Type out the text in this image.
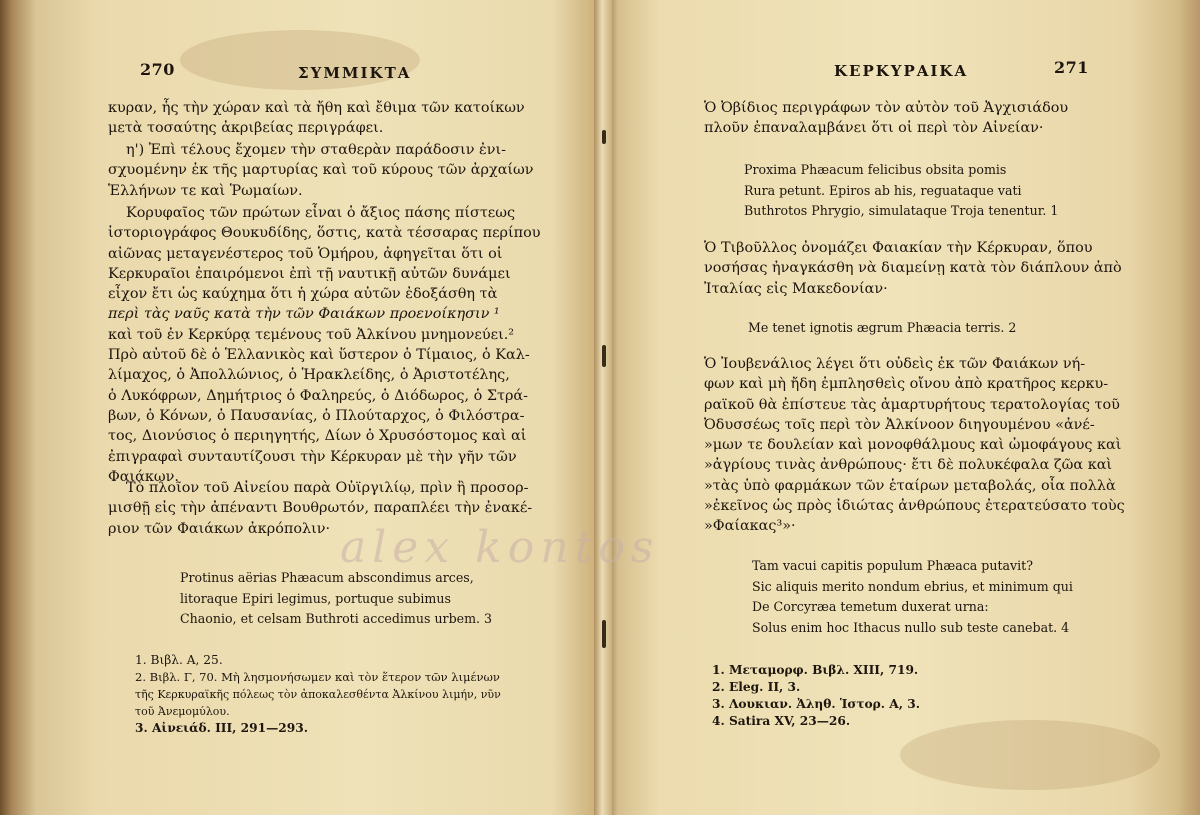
270	ΣΥΜΜΙΚΤΑ
κυραν, ἧς τὴν χώραν καὶ τὰ ἤθη καὶ ἔθιμα τῶν κατοίκων
μετὰ τοσαύτης ἀκριβείας περιγράφει.
η') Ἐπὶ τέλους ἔχομεν τὴν σταθερὰν παράδοσιν ἐνι-
σχυομένην ἐκ τῆς μαρτυρίας καὶ τοῦ κύρους τῶν ἀρχαίων
Ἑλλήνων τε καὶ Ῥωμαίων.
Κορυφαῖος τῶν πρώτων εἶναι ὁ ἄξιος πάσης πίστεως
ἱστοριογράφος Θουκυδίδης, ὅστις, κατὰ τέσσαρας περίπου
αἰῶνας μεταγενέστερος τοῦ Ὁμήρου, ἀφηγεῖται ὅτι οἱ
Κερκυραῖοι ἐπαιρόμενοι ἐπὶ τῇ ναυτικῇ αὐτῶν δυνάμει
εἶχον ἔτι ὡς καύχημα ὅτι ἡ χώρα αὐτῶν ἐδοξάσθη τὰ
περὶ τὰς ναῦς κατὰ τὴν τῶν Φαιάκων προενοίκησιν ¹
καὶ τοῦ ἐν Κερκύρᾳ τεμένους τοῦ Ἀλκίνου μνημονεύει.²
Πρὸ αὐτοῦ δὲ ὁ Ἑλλανικὸς καὶ ὕστερον ὁ Τίμαιος, ὁ Καλ-
λίμαχος, ὁ Ἀπολλώνιος, ὁ Ἡρακλείδης, ὁ Ἀριστοτέλης,
ὁ Λυκόφρων, Δημήτριος ὁ Φαληρεύς, ὁ Διόδωρος, ὁ Στρά-
βων, ὁ Κόνων, ὁ Παυσανίας, ὁ Πλούταρχος, ὁ Φιλόστρα-
τος, Διονύσιος ὁ περιηγητής, Δίων ὁ Χρυσόστομος καὶ αἱ
ἐπιγραφαὶ συνταυτίζουσι τὴν Κέρκυραν μὲ τὴν γῆν τῶν
Φαιάκων.
Τὸ πλοῖον τοῦ Αἰνείου παρὰ Οὐϊργιλίῳ, πρὶν ἢ προσορ-
μισθῇ εἰς τὴν ἀπέναντι Βουθρωτόν, παραπλέει τὴν ἐνακέ-
ριον τῶν Φαιάκων ἀκρόπολιν·
Protinus aërias Phæacum abscondimus arces,
litoraque Epiri legimus, portuque subimus
Chaonio, et celsam Buthroti accedimus urbem. 3
1. Βιβλ. Α, 25.
2. Βιβλ. Γ, 70. Μὴ λησμονήσωμεν καὶ τὸν ἕτερον τῶν λιμένων
τῆς Κερκυραϊκῆς πόλεως τὸν ἀποκαλεσθέντα Ἀλκίνου λιμήν, νῦν
τοῦ Ἀνεμομύλου.
3. Αἰνειάδ. III, 291—293.
ΚΕΡΚΥΡΑΙΚΑ	271
Ὁ Ὀβίδιος περιγράφων τὸν αὐτὸν τοῦ Ἀγχισιάδου
πλοῦν ἐπαναλαμβάνει ὅτι οἱ περὶ τὸν Αἰνείαν·
Proxima Phæacum felicibus obsita pomis
Rura petunt. Epiros ab his, reguataque vati
Buthrotos Phrygio, simulataque Troja tenentur. 1
Ὁ Τιβοῦλλος ὀνομάζει Φαιακίαν τὴν Κέρκυραν, ὅπου
νοσήσας ἠναγκάσθη νὰ διαμείνῃ κατὰ τὸν διάπλουν ἀπὸ
Ἰταλίας εἰς Μακεδονίαν·
Me tenet ignotis ægrum Phæacia terris. 2
Ὁ Ἰουβενάλιος λέγει ὅτι οὐδεὶς ἐκ τῶν Φαιάκων νή-
φων καὶ μὴ ἤδη ἐμπλησθεὶς οἴνου ἀπὸ κρατῆρος κερκυ-
ραϊκοῦ θὰ ἐπίστευε τὰς ἀμαρτυρήτους τερατολογίας τοῦ
Ὀδυσσέως τοῖς περὶ τὸν Ἀλκίνοον διηγουμένου «ἀνέ-
»μων τε δουλείαν καὶ μονοφθάλμους καὶ ὠμοφάγους καὶ
»ἀγρίους τινὰς ἀνθρώπους· ἔτι δὲ πολυκέφαλα ζῶα καὶ
»τὰς ὑπὸ φαρμάκων τῶν ἑταίρων μεταβολάς, οἷα πολλὰ
»ἐκεῖνος ὡς πρὸς ἰδιώτας ἀνθρώπους ἐτερατεύσατο τοὺς
»Φαίακας³»·
Tam vacui capitis populum Phæaca putavit?
Sic aliquis merito nondum ebrius, et minimum qui
De Corcyræa temetum duxerat urna:
Solus enim hoc Ithacus nullo sub teste canebat. 4
1. Μεταμορφ. Βιβλ. XIII, 719.
2. Eleg. II, 3.
3. Λουκιαν. Ἀληθ. Ἱστορ. Α, 3.
4. Satira XV, 23—26.
alex kontos
